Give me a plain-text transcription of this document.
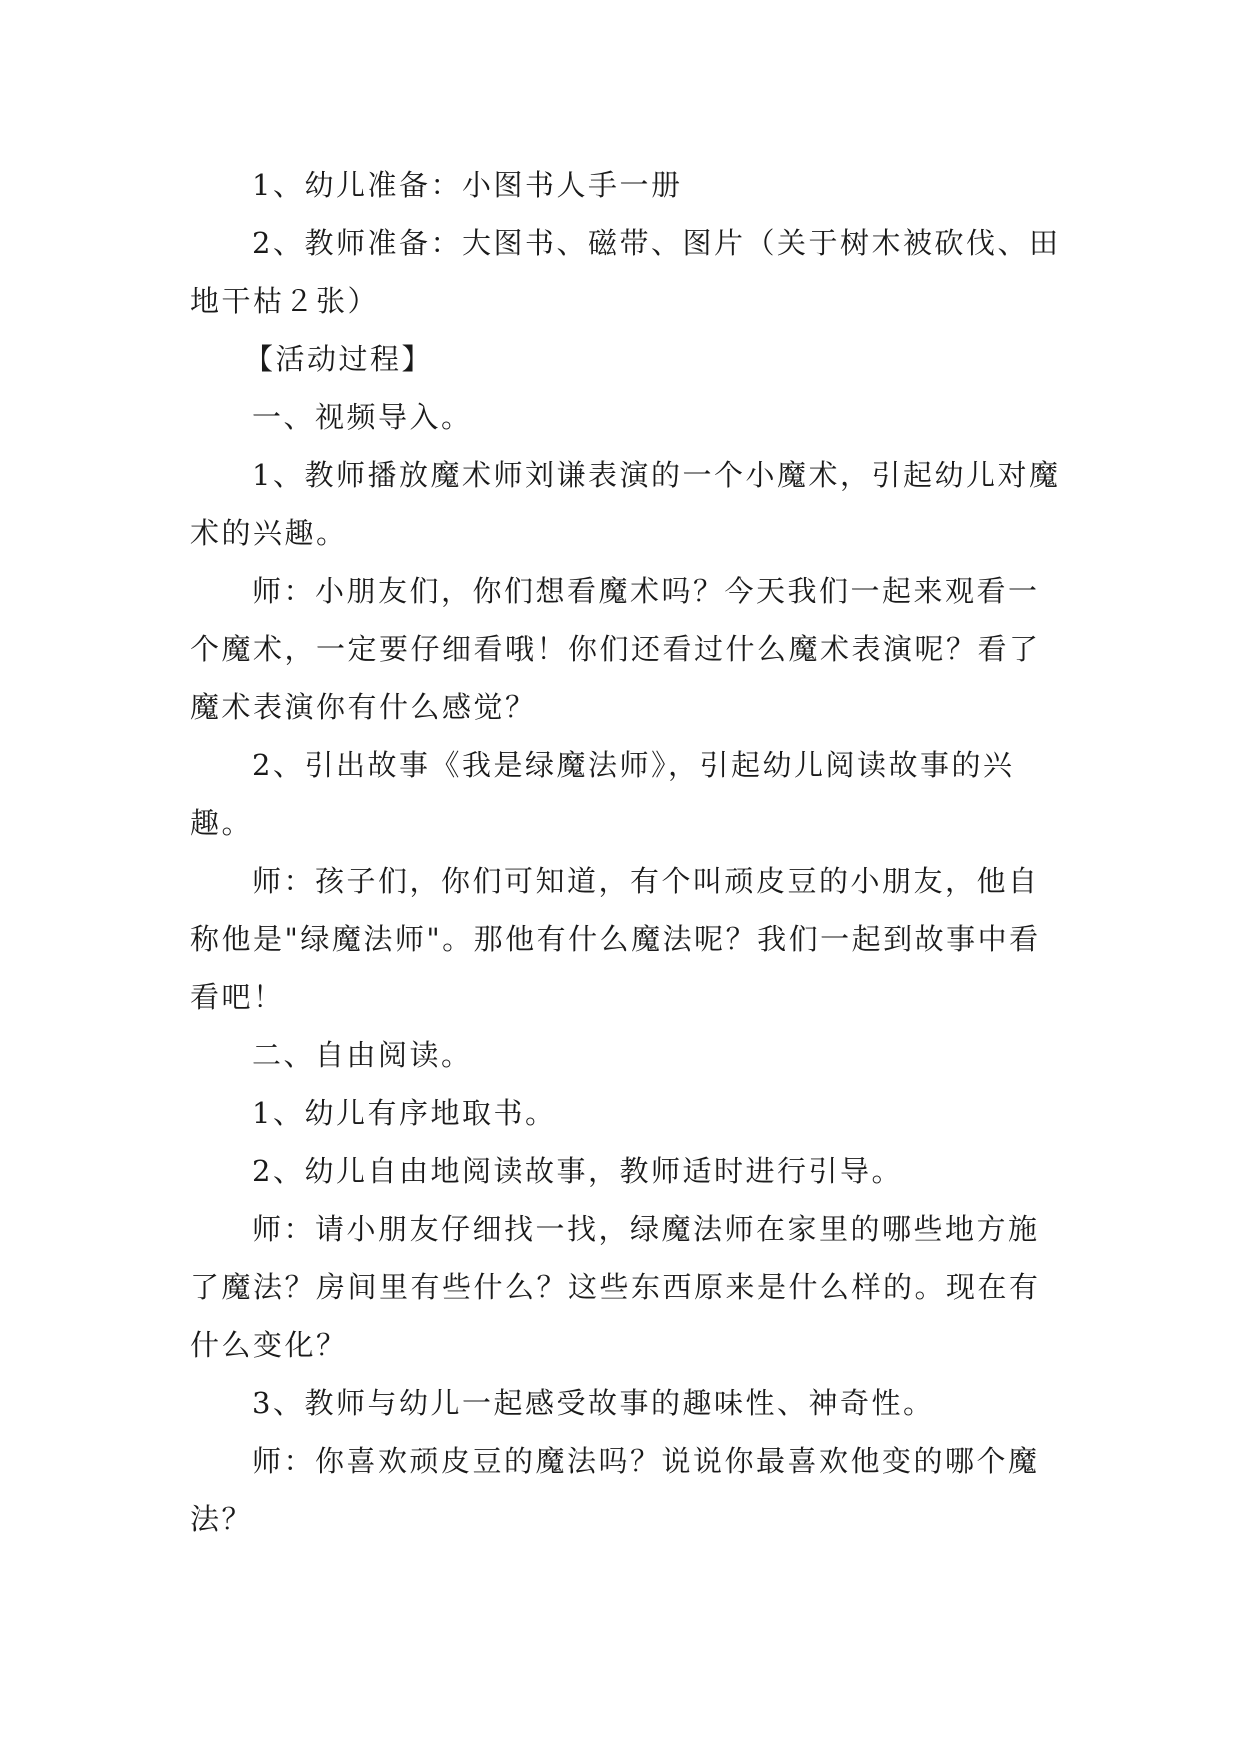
1、幼儿准备：小图书人手一册

2、教师准备：大图书、磁带、图片（关于树木被砍伐、田地干枯２张）

【活动过程】

一、视频导入。

1、教师播放魔术师刘谦表演的一个小魔术，引起幼儿对魔术的兴趣。

师：小朋友们，你们想看魔术吗？今天我们一起来观看一个魔术，一定要仔细看哦！你们还看过什么魔术表演呢？看了魔术表演你有什么感觉？

2、引出故事《我是绿魔法师》，引起幼儿阅读故事的兴趣。

师：孩子们，你们可知道，有个叫顽皮豆的小朋友，他自称他是"绿魔法师"。那他有什么魔法呢？我们一起到故事中看看吧！

二、自由阅读。

1、幼儿有序地取书。

2、幼儿自由地阅读故事，教师适时进行引导。

师：请小朋友仔细找一找，绿魔法师在家里的哪些地方施了魔法？房间里有些什么？这些东西原来是什么样的。现在有什么变化？

3、教师与幼儿一起感受故事的趣味性、神奇性。

师：你喜欢顽皮豆的魔法吗？说说你最喜欢他变的哪个魔法？
